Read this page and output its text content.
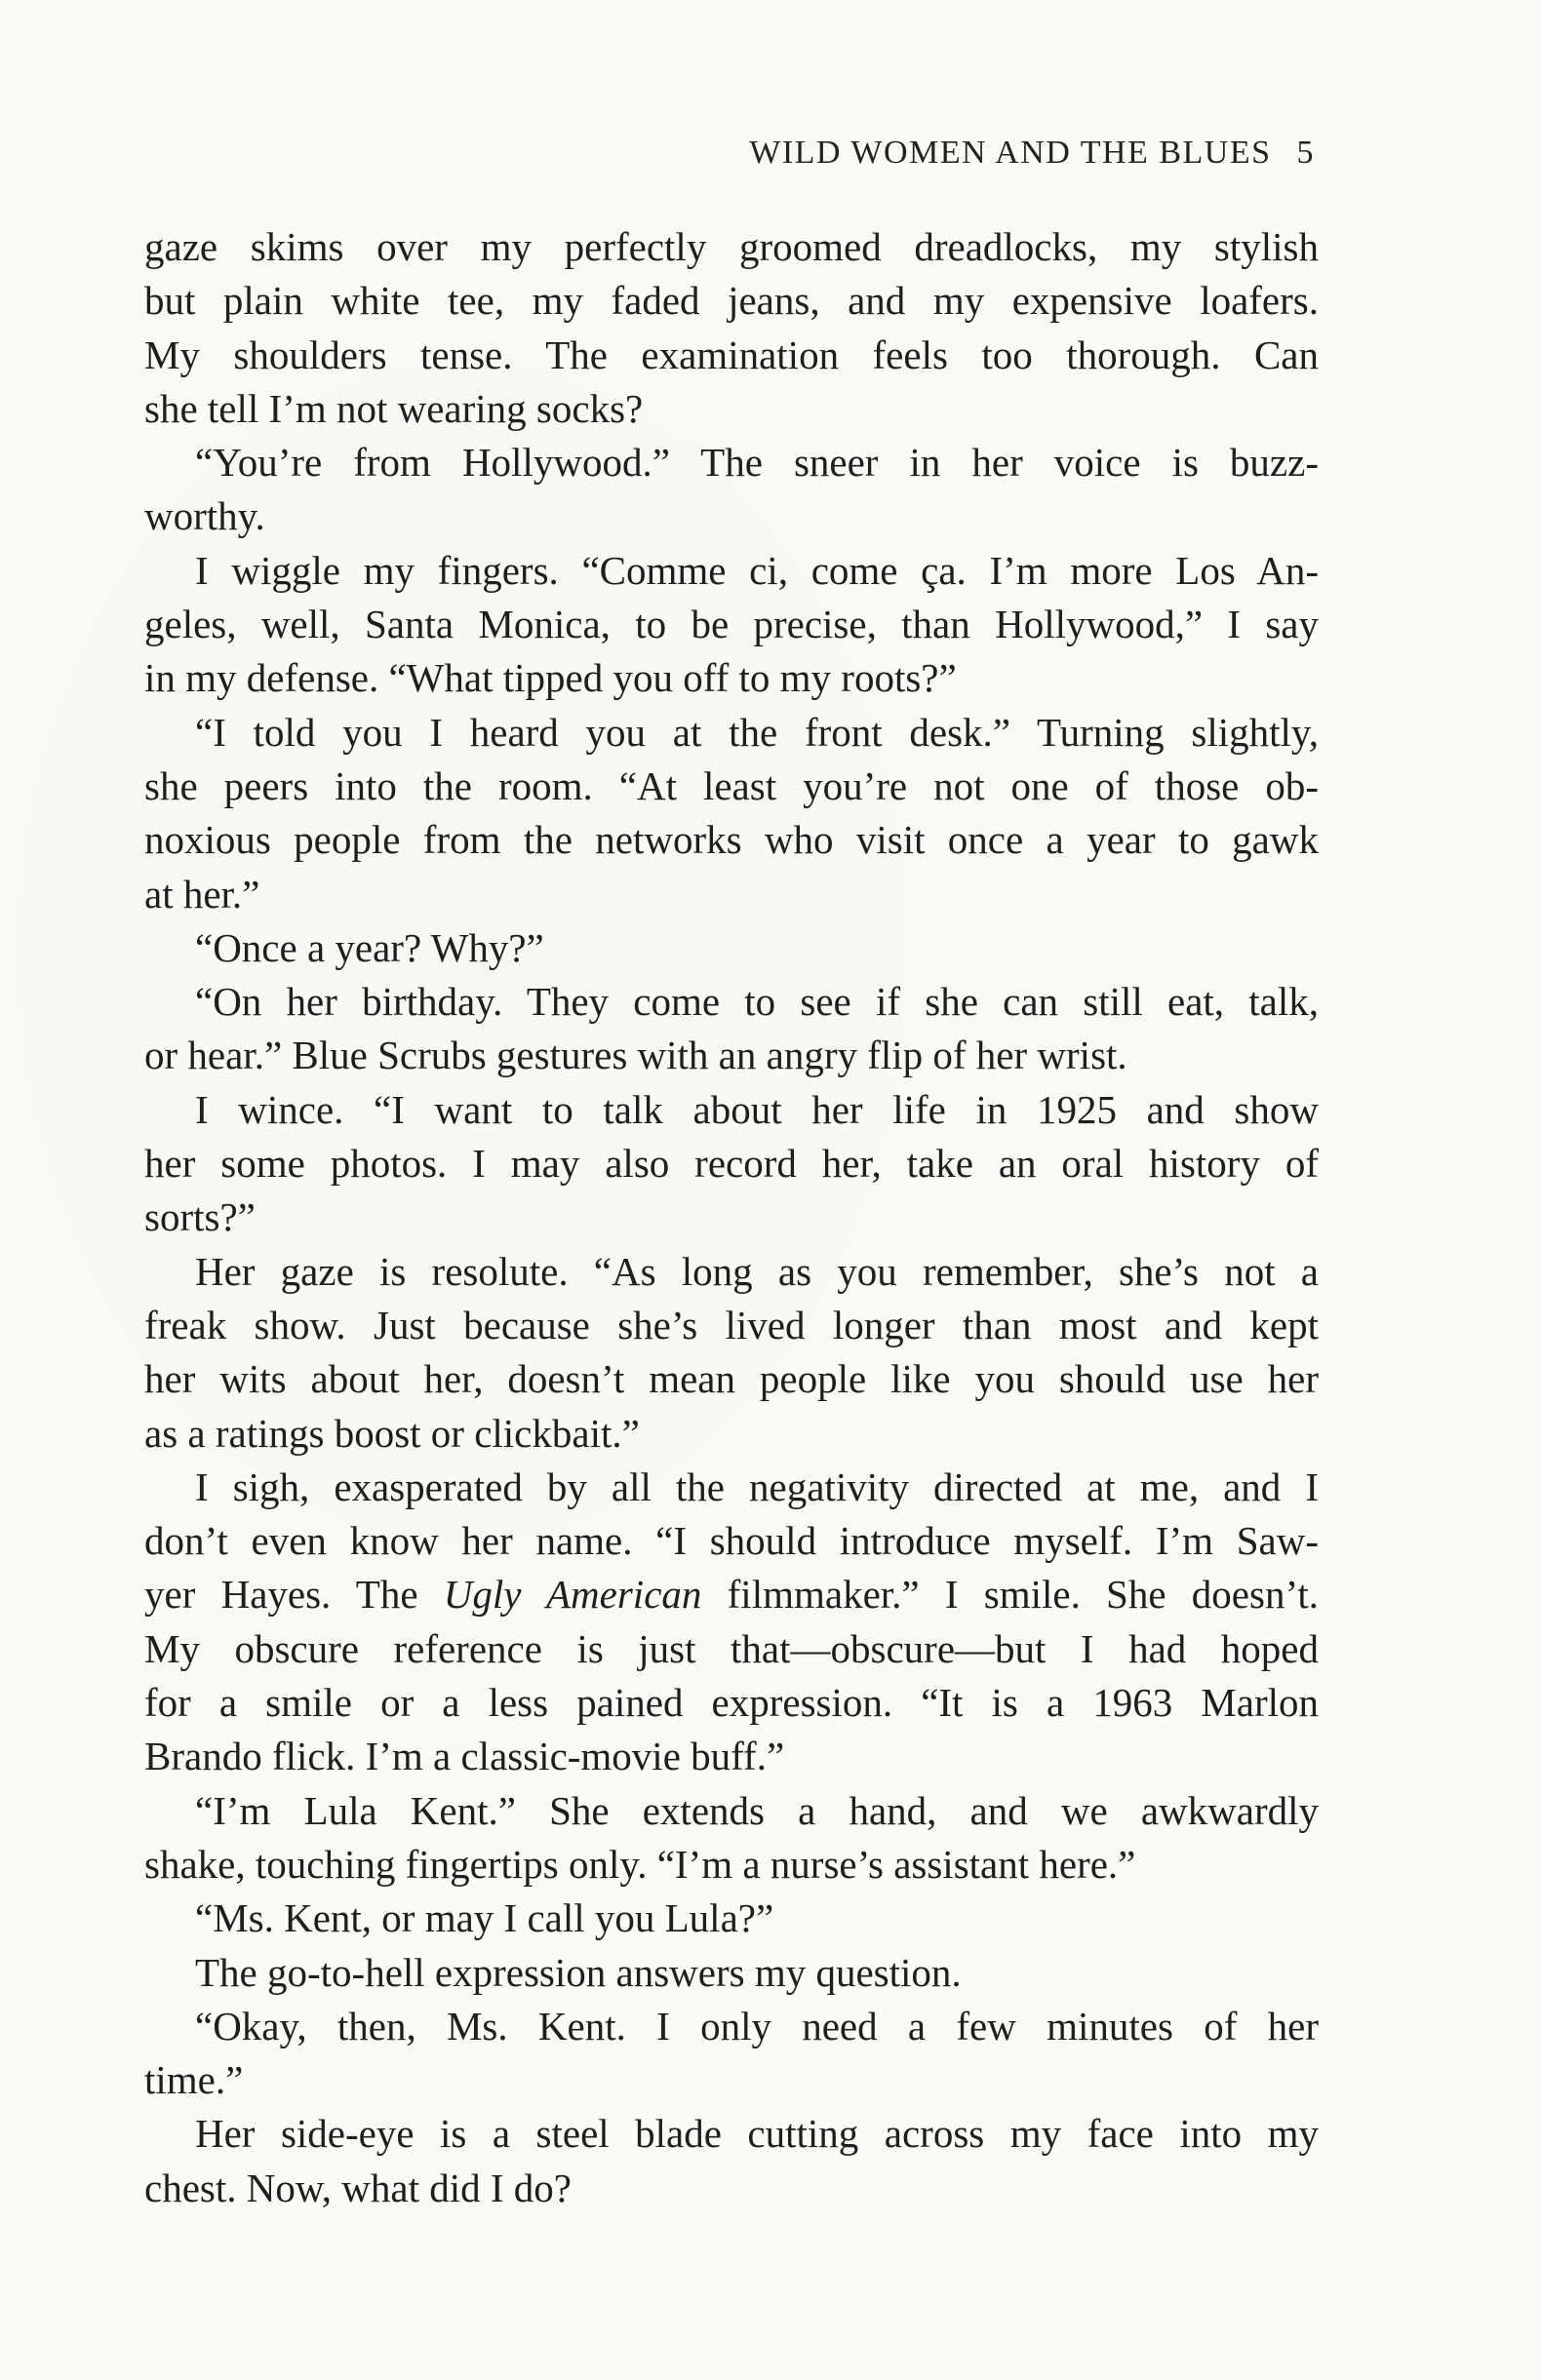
WILD WOMEN AND THE BLUES 5
gaze skims over my perfectly groomed dreadlocks, my stylish
but plain white tee, my faded jeans, and my expensive loafers.
My shoulders tense. The examination feels too thorough. Can
she tell I’m not wearing socks?
“You’re from Hollywood.” The sneer in her voice is buzz-
worthy.
I wiggle my fingers. “Comme ci, come ça. I’m more Los An-
geles, well, Santa Monica, to be precise, than Hollywood,” I say
in my defense. “What tipped you off to my roots?”
“I told you I heard you at the front desk.” Turning slightly,
she peers into the room. “At least you’re not one of those ob-
noxious people from the networks who visit once a year to gawk
at her.”
“Once a year? Why?”
“On her birthday. They come to see if she can still eat, talk,
or hear.” Blue Scrubs gestures with an angry flip of her wrist.
I wince. “I want to talk about her life in 1925 and show
her some photos. I may also record her, take an oral history of
sorts?”
Her gaze is resolute. “As long as you remember, she’s not a
freak show. Just because she’s lived longer than most and kept
her wits about her, doesn’t mean people like you should use her
as a ratings boost or clickbait.”
I sigh, exasperated by all the negativity directed at me, and I
don’t even know her name. “I should introduce myself. I’m Saw-
yer Hayes. The Ugly American filmmaker.” I smile. She doesn’t.
My obscure reference is just that—obscure—but I had hoped
for a smile or a less pained expression. “It is a 1963 Marlon
Brando flick. I’m a classic-movie buff.”
“I’m Lula Kent.” She extends a hand, and we awkwardly
shake, touching fingertips only. “I’m a nurse’s assistant here.”
“Ms. Kent, or may I call you Lula?”
The go-to-hell expression answers my question.
“Okay, then, Ms. Kent. I only need a few minutes of her
time.”
Her side-eye is a steel blade cutting across my face into my
chest. Now, what did I do?
